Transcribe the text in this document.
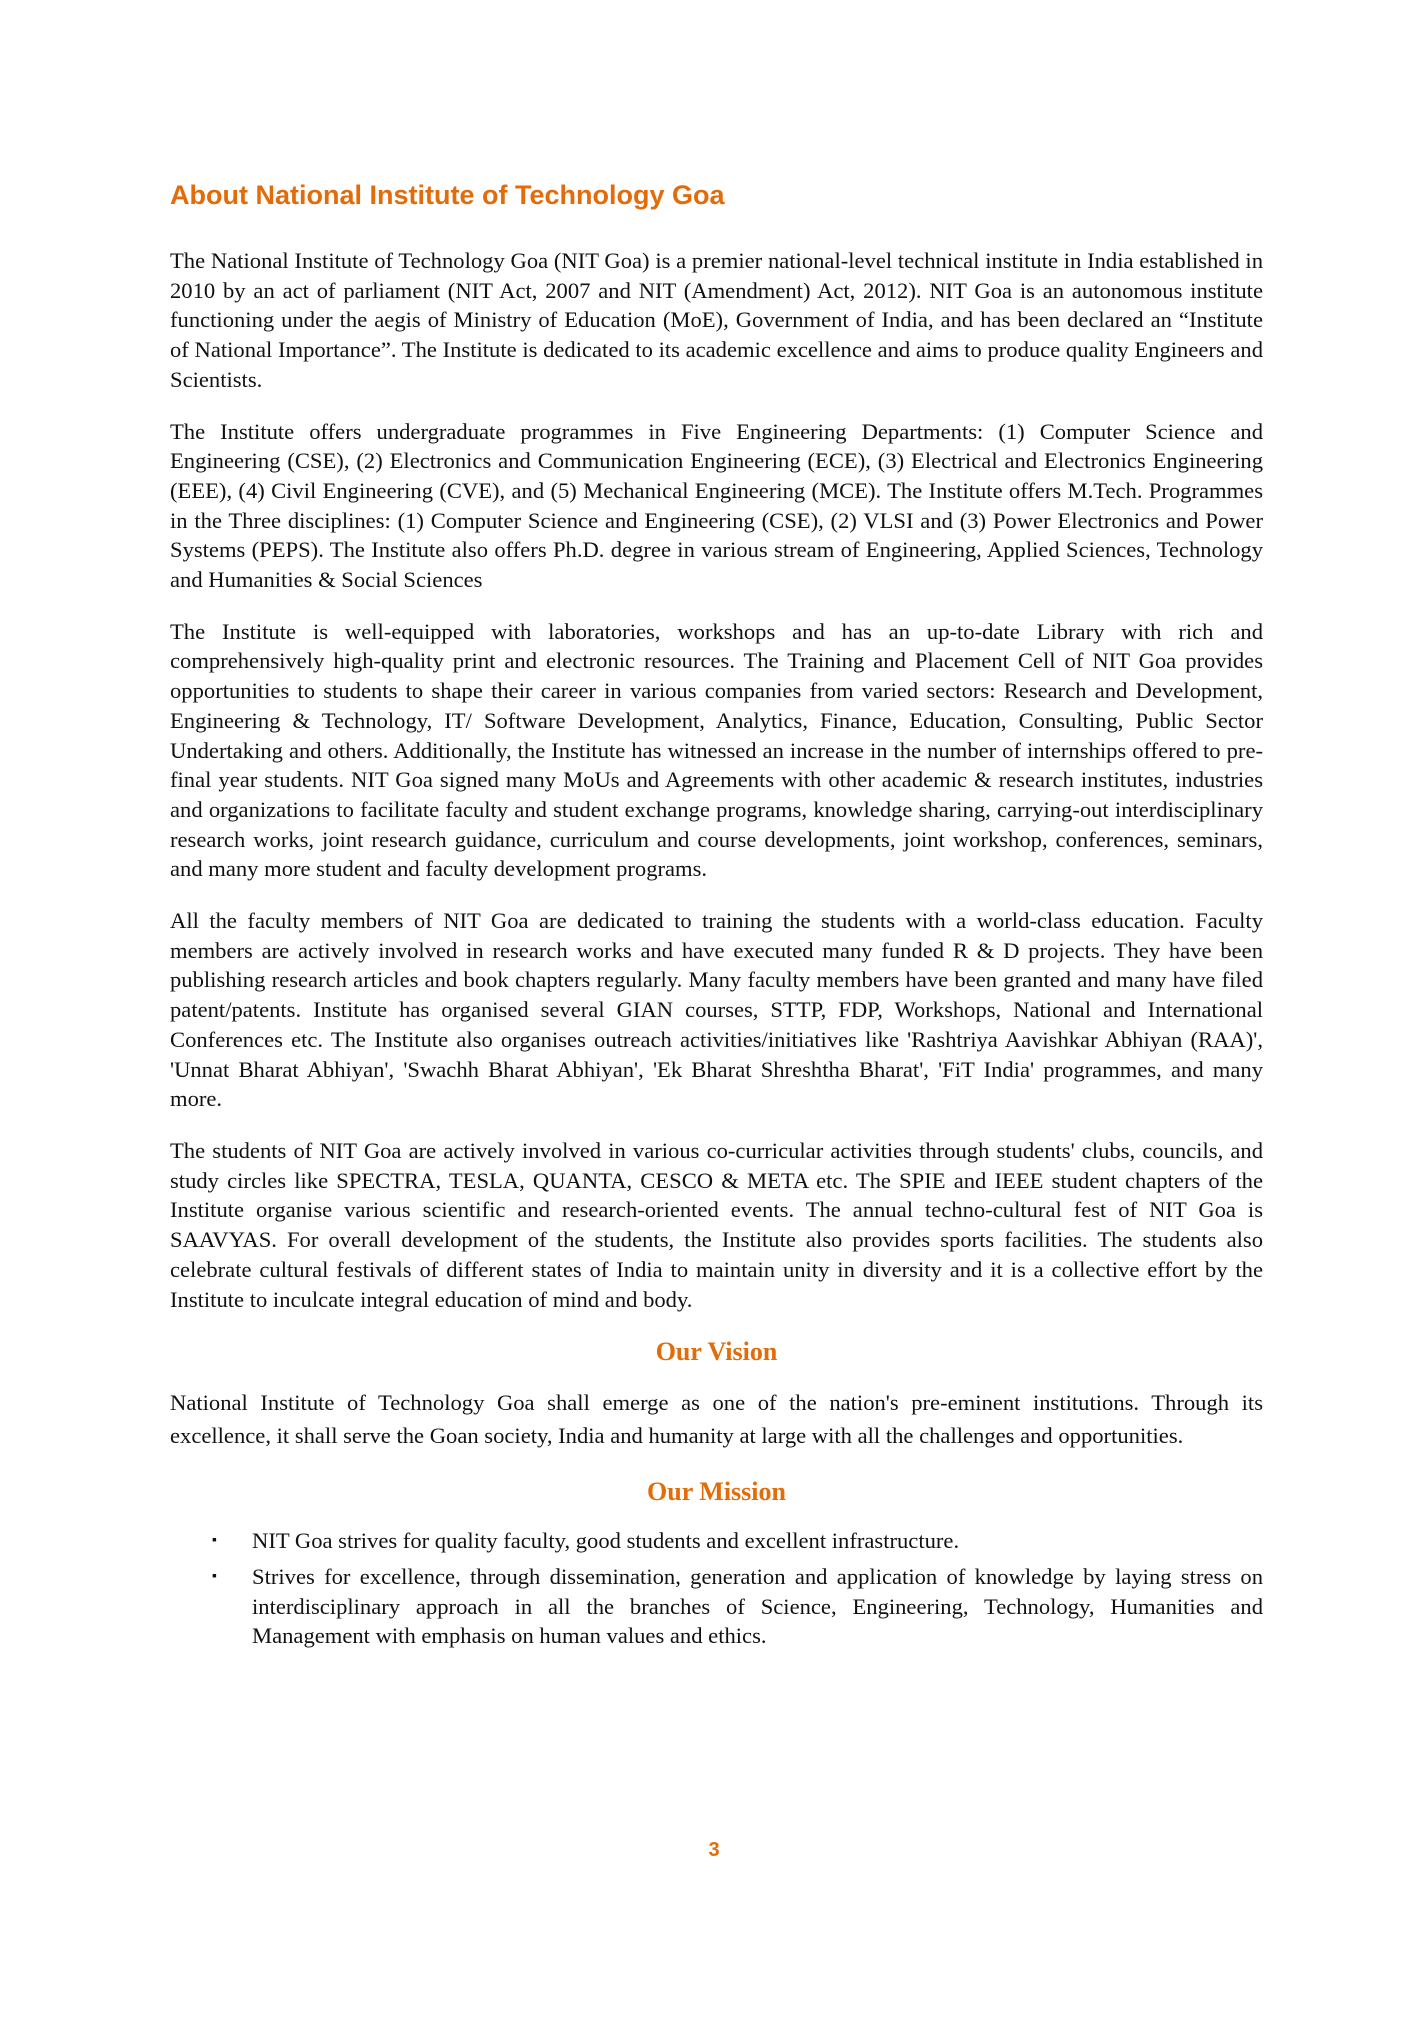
About National Institute of Technology Goa

The National Institute of Technology Goa (NIT Goa) is a premier national-level technical institute in India established in 2010 by an act of parliament (NIT Act, 2007 and NIT (Amendment) Act, 2012). NIT Goa is an autonomous institute functioning under the aegis of Ministry of Education (MoE), Government of India, and has been declared an “Institute of National Importance”. The Institute is dedicated to its academic excellence and aims to produce quality Engineers and Scientists.

The Institute offers undergraduate programmes in Five Engineering Departments: (1) Computer Science and Engineering (CSE), (2) Electronics and Communication Engineering (ECE), (3) Electrical and Electronics Engineering (EEE), (4) Civil Engineering (CVE), and (5) Mechanical Engineering (MCE). The Institute offers M.Tech. Programmes in the Three disciplines: (1) Computer Science and Engineering (CSE), (2) VLSI and (3) Power Electronics and Power Systems (PEPS). The Institute also offers Ph.D. degree in various stream of Engineering, Applied Sciences, Technology and Humanities & Social Sciences

The Institute is well-equipped with laboratories, workshops and has an up-to-date Library with rich and comprehensively high-quality print and electronic resources. The Training and Placement Cell of NIT Goa provides opportunities to students to shape their career in various companies from varied sectors: Research and Development, Engineering & Technology, IT/ Software Development, Analytics, Finance, Education, Consulting, Public Sector Undertaking and others. Additionally, the Institute has witnessed an increase in the number of internships offered to pre-final year students. NIT Goa signed many MoUs and Agreements with other academic & research institutes, industries and organizations to facilitate faculty and student exchange programs, knowledge sharing, carrying-out interdisciplinary research works, joint research guidance, curriculum and course developments, joint workshop, conferences, seminars, and many more student and faculty development programs.

All the faculty members of NIT Goa are dedicated to training the students with a world-class education. Faculty members are actively involved in research works and have executed many funded R & D projects. They have been publishing research articles and book chapters regularly. Many faculty members have been granted and many have filed patent/patents. Institute has organised several GIAN courses, STTP, FDP, Workshops, National and International Conferences etc. The Institute also organises outreach activities/initiatives like 'Rashtriya Aavishkar Abhiyan (RAA)', 'Unnat Bharat Abhiyan', 'Swachh Bharat Abhiyan', 'Ek Bharat Shreshtha Bharat', 'FiT India' programmes, and many more.

The students of NIT Goa are actively involved in various co-curricular activities through students' clubs, councils, and study circles like SPECTRA, TESLA, QUANTA, CESCO & META etc. The SPIE and IEEE student chapters of the Institute organise various scientific and research-oriented events. The annual techno-cultural fest of NIT Goa is SAAVYAS. For overall development of the students, the Institute also provides sports facilities. The students also celebrate cultural festivals of different states of India to maintain unity in diversity and it is a collective effort by the Institute to inculcate integral education of mind and body.

Our Vision

National Institute of Technology Goa shall emerge as one of the nation's pre-eminent institutions. Through its excellence, it shall serve the Goan society, India and humanity at large with all the challenges and opportunities.

Our Mission
▪ NIT Goa strives for quality faculty, good students and excellent infrastructure.
▪ Strives for excellence, through dissemination, generation and application of knowledge by laying stress on interdisciplinary approach in all the branches of Science, Engineering, Technology, Humanities and Management with emphasis on human values and ethics.
3
